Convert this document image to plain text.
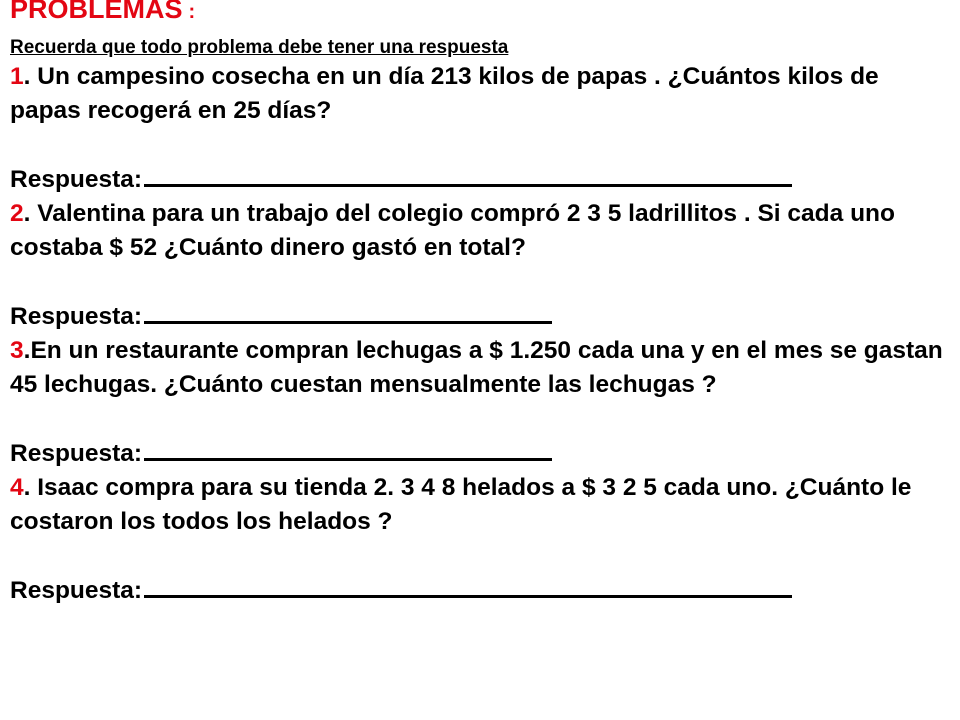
PROBLEMAS :
Recuerda que todo problema debe tener una respuesta
1. Un campesino cosecha en un día 213 kilos de papas . ¿Cuántos kilos de papas recogerá en 25 días?
Respuesta:
2. Valentina para un trabajo del colegio compró 2 3 5 ladrillitos . Si cada uno costaba $ 52 ¿Cuánto dinero gastó en total?
Respuesta:
3.En un restaurante compran lechugas a $ 1.250 cada una y en el mes se gastan 45 lechugas. ¿Cuánto cuestan mensualmente las lechugas ?
Respuesta:
4. Isaac compra para su tienda 2. 3 4 8 helados a $ 3 2 5 cada uno. ¿Cuánto le costaron los todos los helados ?
Respuesta:
